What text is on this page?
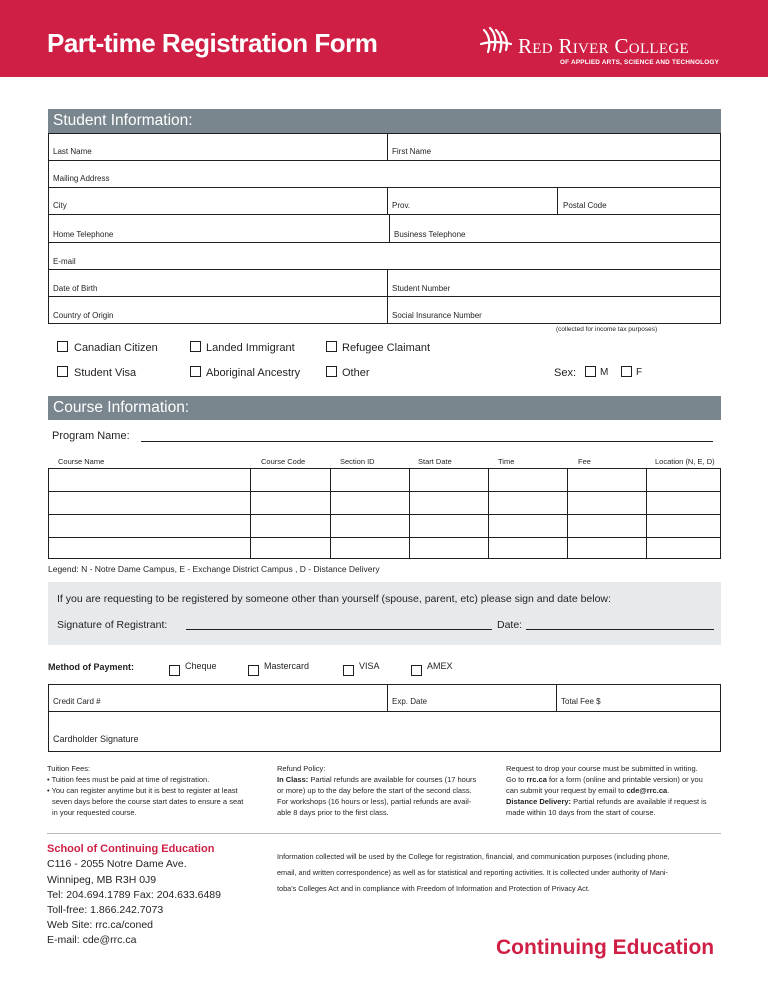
Part-time Registration Form	Red River College
OF APPLIED ARTS, SCIENCE AND TECHNOLOGY
Student Information:
Last Name	First Name
Mailing Address
City	Prov.	Postal Code
Home Telephone	Business Telephone
E-mail
Date of Birth	Student Number
Country of Origin	Social Insurance Number
(collected for income tax purposes)
Canadian Citizen	Landed Immigrant	Refugee Claimant
Student Visa	Aboriginal Ancestry	Other	Sex: M	F
Course Information:
Program Name:
Course Name	Course Code	Section ID	Start Date	Time	Fee	Location (N, E, D)
Legend: N - Notre Dame Campus, E - Exchange District Campus , D - Distance Delivery
If you are requesting to be registered by someone other than yourself (spouse, parent, etc) please sign and date below:
Signature of Registrant:	Date:
Method of Payment:	Cheque	Mastercard	VISA	AMEX
Credit Card #	Exp. Date	Total Fee $
Cardholder Signature
Tuition Fees:
• Tuition fees must be paid at time of registration.
• You can register anytime but it is best to register at least
seven days before the course start dates to ensure a seat
in your requested course.
Refund Policy:
In Class: Partial refunds are available for courses (17 hours
or more) up to the day before the start of the second class.
For workshops (16 hours or less), partial refunds are avail-
able 8 days prior to the first class.
Request to drop your course must be submitted in writing.
Go to rrc.ca for a form (online and printable version) or you
can submit your request by email to cde@rrc.ca.
Distance Delivery: Partial refunds are available if request is
made within 10 days from the start of course.
School of Continuing Education
C116 - 2055 Notre Dame Ave.
Winnipeg, MB R3H 0J9
Tel: 204.694.1789 Fax: 204.633.6489
Toll-free: 1.866.242.7073
Web Site: rrc.ca/coned
E-mail: cde@rrc.ca
Information collected will be used by the College for registration, financial, and communication purposes (including phone,
email, and written correspondence) as well as for statistical and reporting activities. It is collected under authority of Mani-
toba's Colleges Act and in compliance with Freedom of Information and Protection of Privacy Act.
Continuing Education
